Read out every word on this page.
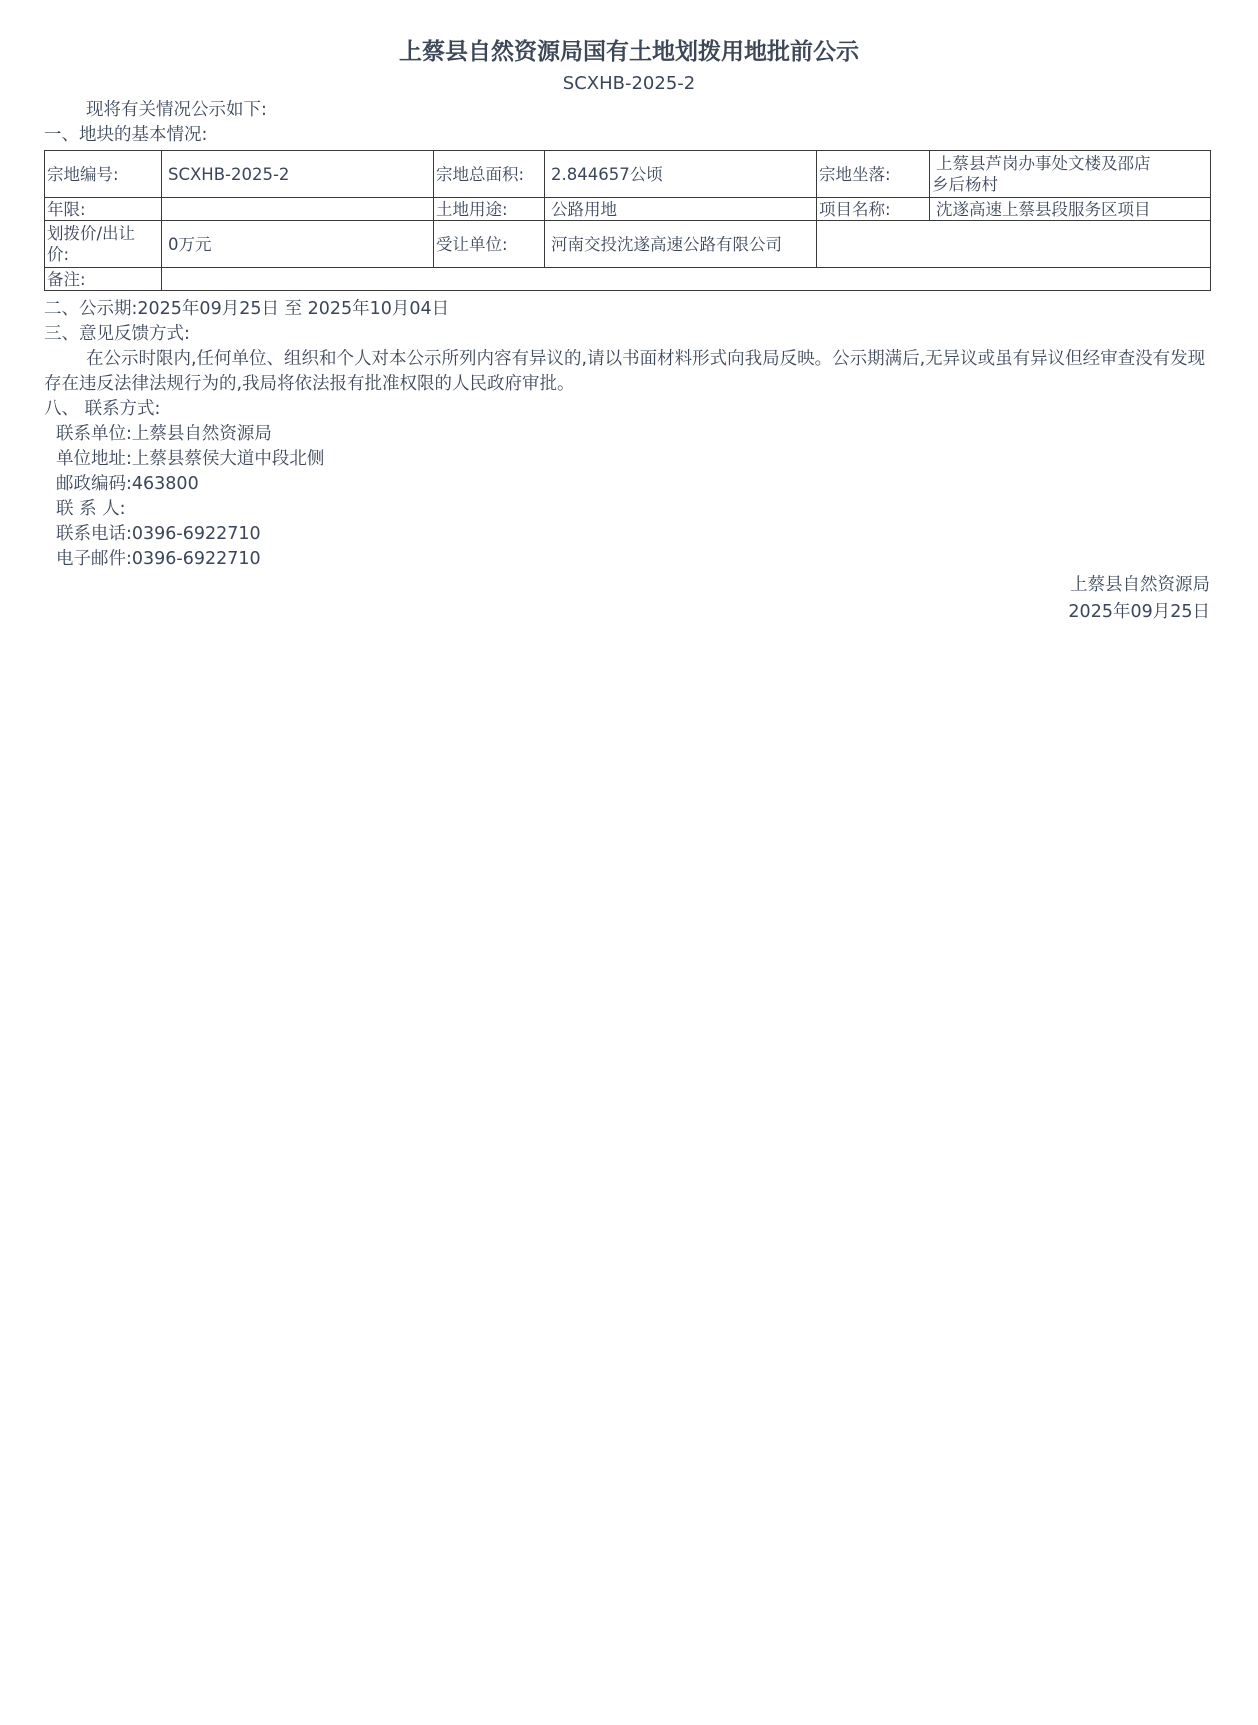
上蔡县自然资源局国有土地划拨用地批前公示
SCXHB-2025-2
现将有关情况公示如下:
一、地块的基本情况:
宗地编号:	SCXHB-2025-2	宗地总面积:	2.844657公顷	宗地坐落:	上蔡县芦岗办事处文楼及邵店
乡后杨村

年限:		土地用途:	公路用地	项目名称:	沈遂高速上蔡县段服务区项目

划拨价/出让
价:	0万元	受让单位:	河南交投沈遂高速公路有限公司		
备注:					
二、公示期:2025年09月25日 至 2025年10月04日
三、意见反馈方式:
在公示时限内,任何单位、组织和个人对本公示所列内容有异议的,请以书面材料形式向我局反映。公示期满后,无异议或虽有异议但经审查没有发现存在违反法律法规行为的,我局将依法报有批准权限的人民政府审批。
八、 联系方式:
联系单位:上蔡县自然资源局
单位地址:上蔡县蔡侯大道中段北侧
邮政编码:463800
联 系 人:
联系电话:0396-6922710
电子邮件:0396-6922710
上蔡县自然资源局
2025年09月25日
